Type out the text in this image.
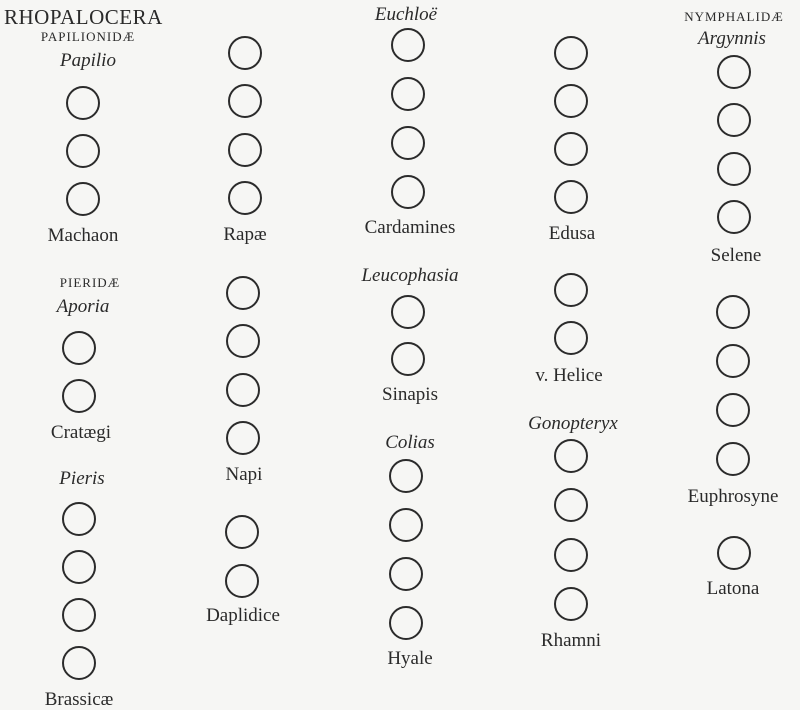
RHOPALOCERA
PAPILIONIDÆ
PIERIDÆ
NYMPHALIDÆ
Papilio
Aporia
Pieris
Euchloë
Leucophasia
Colias
Gonopteryx
Argynnis
Machaon
Cratægi
Brassicæ
Rapæ
Napi
Daplidice
Cardamines
Sinapis
Hyale
Edusa
v. Helice
Rhamni
Selene
Euphrosyne
Latona
